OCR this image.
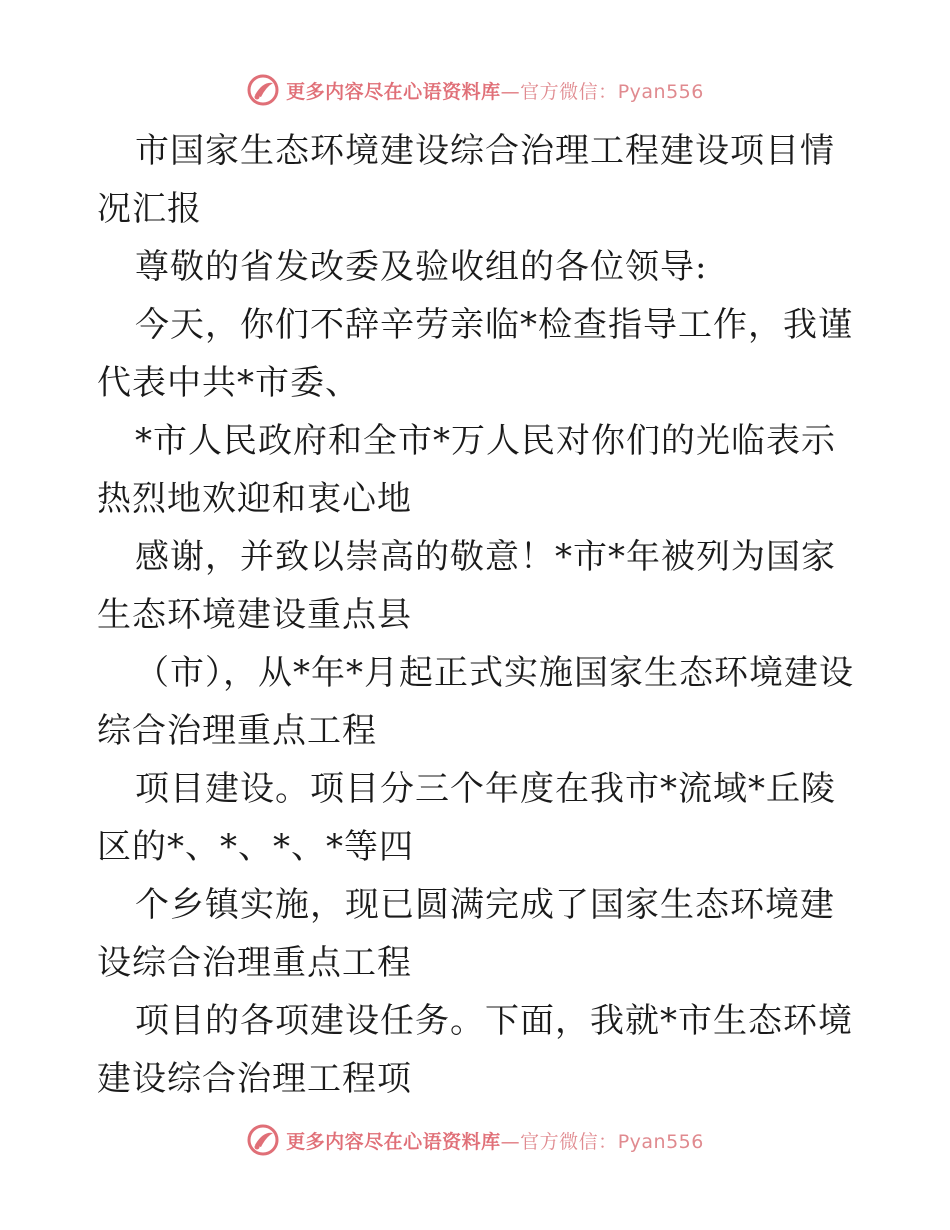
更多内容尽在心语资料库—官方微信：Pyan556

市国家生态环境建设综合治理工程建设项目情况汇报

尊敬的省发改委及验收组的各位领导:

今天，你们不辞辛劳亲临*检查指导工作，我谨代表中共*市委、

*市人民政府和全市*万人民对你们的光临表示热烈地欢迎和衷心地

感谢，并致以崇高的敬意！*市*年被列为国家生态环境建设重点县

（市），从*年*月起正式实施国家生态环境建设综合治理重点工程

项目建设。项目分三个年度在我市*流域*丘陵区的*、*、*、*等四

个乡镇实施，现已圆满完成了国家生态环境建设综合治理重点工程

项目的各项建设任务。下面，我就*市生态环境建设综合治理工程项

更多内容尽在心语资料库—官方微信：Pyan556
